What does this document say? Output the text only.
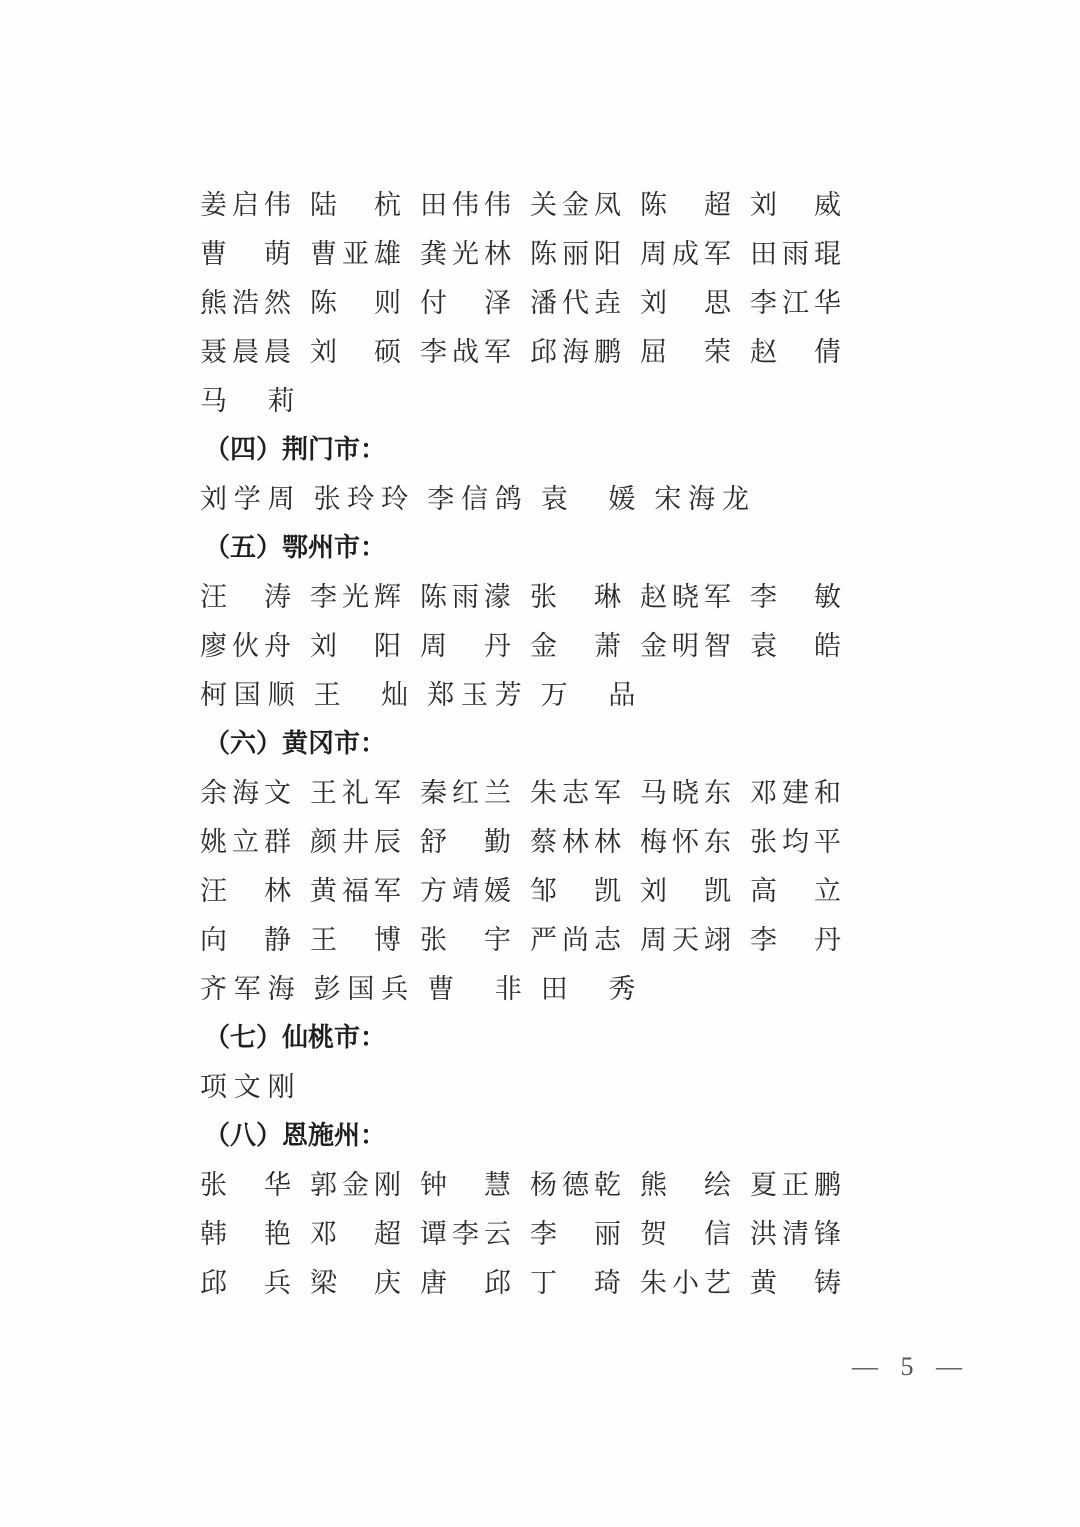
姜 启 伟 陆 杭 田 伟 伟 关 金 凤 陈 超 刘 威
曹 萌 曹 亚 雄 龚 光 林 陈 丽 阳 周 成 军 田 雨 琨
熊 浩 然 陈 则 付 泽 潘 代 垚 刘 思 李 江 华
聂 晨 晨 刘 硕 李 战 军 邱 海 鹏 屈 荣 赵 倩
马 莉
（四）荆门市：
刘 学 周 张 玲 玲 李 信 鸽 袁 媛 宋 海 龙
（五）鄂州市：
汪 涛 李 光 辉 陈 雨 濛 张 琳 赵 晓 军 李 敏
廖 伙 舟 刘 阳 周 丹 金 萧 金 明 智 袁 皓
柯 国 顺 王 灿 郑 玉 芳 万 品
（六）黄冈市：
余 海 文 王 礼 军 秦 红 兰 朱 志 军 马 晓 东 邓 建 和
姚 立 群 颜 井 辰 舒 勤 蔡 林 林 梅 怀 东 张 均 平
汪 林 黄 福 军 方 靖 媛 邹 凯 刘 凯 高 立
向 静 王 博 张 宇 严 尚 志 周 天 翊 李 丹
齐 军 海 彭 国 兵 曹 非 田 秀
（七）仙桃市：
项 文 刚
（八）恩施州：
张 华 郭 金 刚 钟 慧 杨 德 乾 熊 绘 夏 正 鹏
韩 艳 邓 超 谭 李 云 李 丽 贺 信 洪 清 锋
邱 兵 梁 庆 唐 邱 丁 琦 朱 小 艺 黄 铸
— 5 —
